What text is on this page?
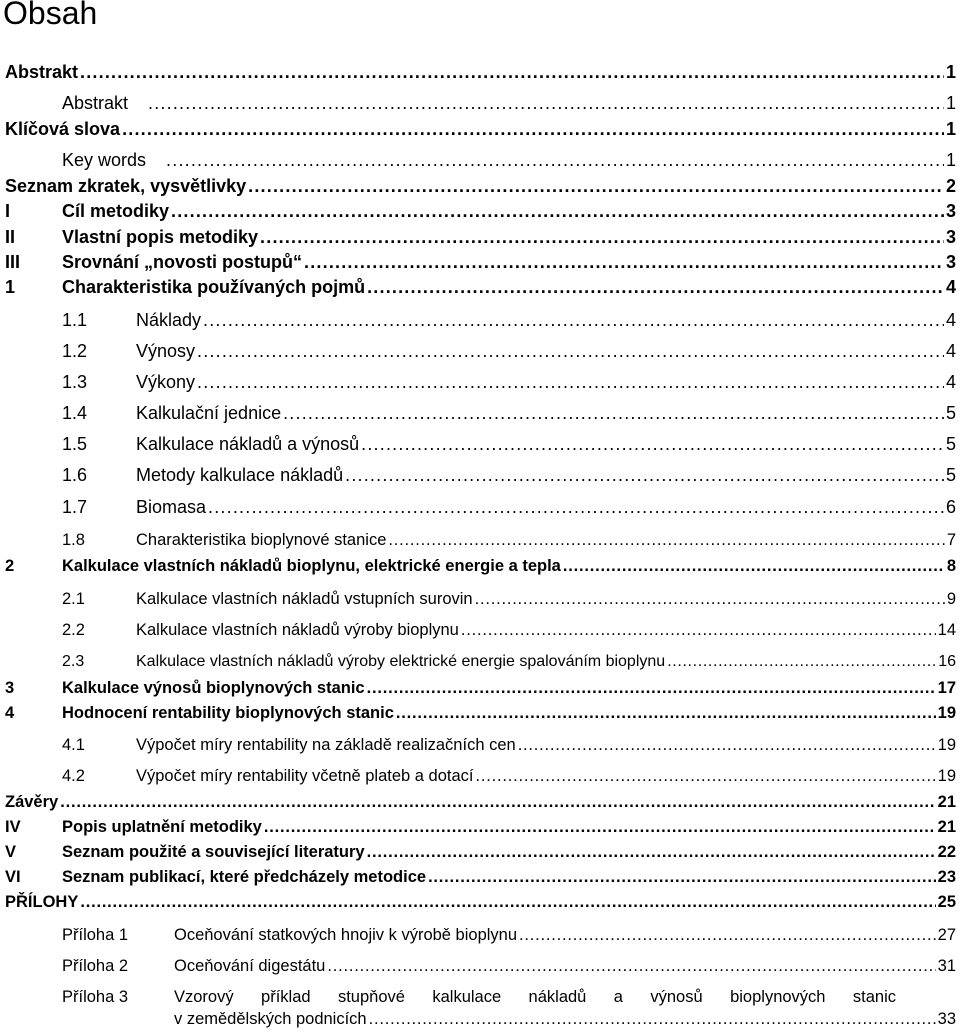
Obsah
Abstrakt . . .	1
Abstrakt . . .	1
Klíčová slova . . .	1
Key words . . .	1
Seznam zkratek, vysvětlivky . . .	2
I	Cíl metodiky . . .	3
II	Vlastní popis metodiky . . .	3
III	Srovnání „novosti postupů“ . . .	3
1	Charakteristika používaných pojmů . . .	4
1.1	Náklady . . .	4
1.2	Výnosy . . .	4
1.3	Výkony . . .	4
1.4	Kalkulační jednice . . .	5
1.5	Kalkulace nákladů a výnosů . . .	5
1.6	Metody kalkulace nákladů . . .	5
1.7	Biomasa . . .	6
1.8	Charakteristika bioplynové stanice . . .	7
2	Kalkulace vlastních nákladů bioplynu, elektrické energie a tepla . . .	8
2.1	Kalkulace vlastních nákladů vstupních surovin . . .	9
2.2	Kalkulace vlastních nákladů výroby bioplynu . . .	14
2.3	Kalkulace vlastních nákladů výroby elektrické energie spalováním bioplynu . . .	16
3	Kalkulace výnosů bioplynových stanic . . .	17
4	Hodnocení rentability bioplynových stanic . . .	19
4.1	Výpočet míry rentability na základě realizačních cen . . .	19
4.2	Výpočet míry rentability včetně plateb a dotací . . .	19
Závěry . . .	21
IV	Popis uplatnění metodiky . . .	21
V	Seznam použité a související literatury . . .	22
VI	Seznam publikací, které předcházely metodice . . .	23
PŘÍLOHY . . .	25
Příloha 1	Oceňování statkových hnojiv k výrobě bioplynu . . .	27
Příloha 2	Oceňování digestátu . . .	31
Příloha 3	Vzorový příklad stupňové kalkulace nákladů a výnosů bioplynových stanic
v zemědělských podnicích . . .	33
